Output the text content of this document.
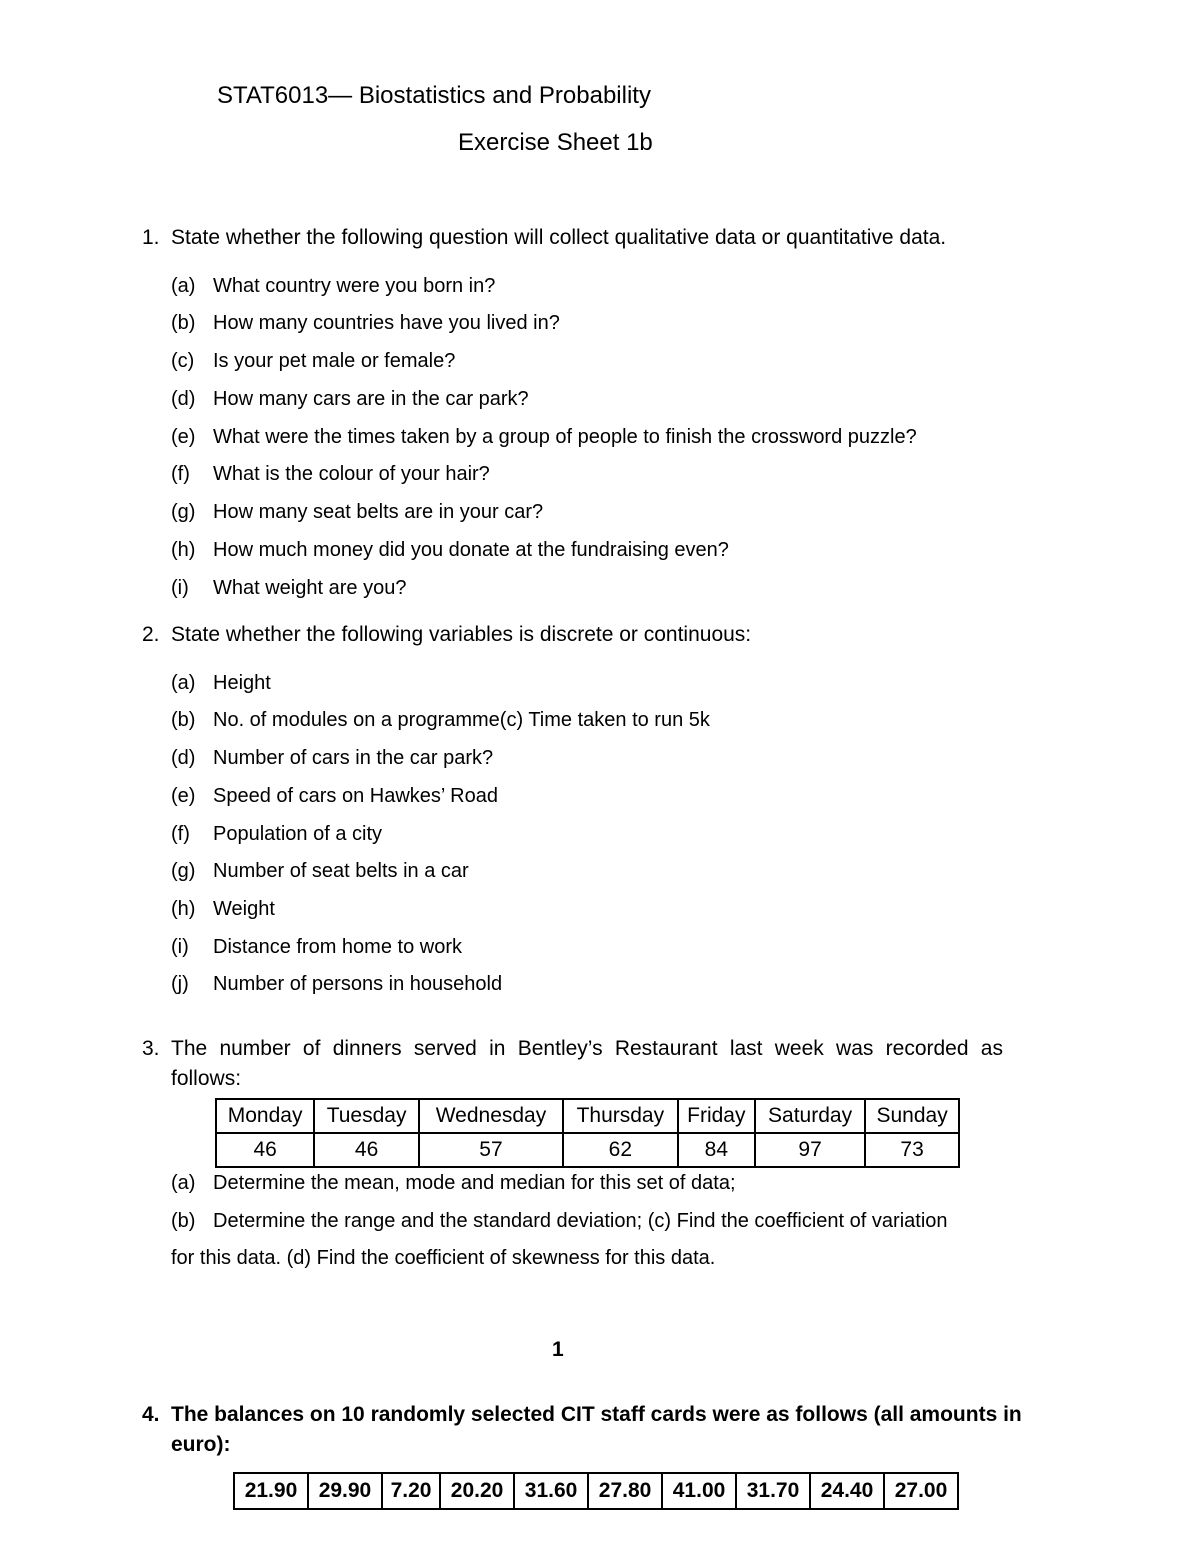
STAT6013— Biostatistics and Probability
Exercise Sheet 1b
1. State whether the following question will collect qualitative data or quantitative data.
(a) What country were you born in?
(b) How many countries have you lived in?
(c) Is your pet male or female?
(d) How many cars are in the car park?
(e) What were the times taken by a group of people to finish the crossword puzzle?
(f) What is the colour of your hair?
(g) How many seat belts are in your car?
(h) How much money did you donate at the fundraising even?
(i) What weight are you?
2. State whether the following variables is discrete or continuous:
(a) Height
(b) No. of modules on a programme(c) Time taken to run 5k
(d) Number of cars in the car park?
(e) Speed of cars on Hawkes’ Road
(f) Population of a city
(g) Number of seat belts in a car
(h) Weight
(i) Distance from home to work
(j) Number of persons in household
3. The number of dinners served in Bentley’s Restaurant last week was recorded as
follows:
Monday	Tuesday	Wednesday	Thursday	Friday	Saturday	Sunday
46	46	57	62	84	97	73
(a) Determine the mean, mode and median for this set of data;
(b) Determine the range and the standard deviation; (c) Find the coefficient of variation
for this data. (d) Find the coefficient of skewness for this data.
1
4. The balances on 10 randomly selected CIT staff cards were as follows (all amounts in
euro):
21.90	29.90	7.20	20.20	31.60	27.80	41.00	31.70	24.40	27.00
